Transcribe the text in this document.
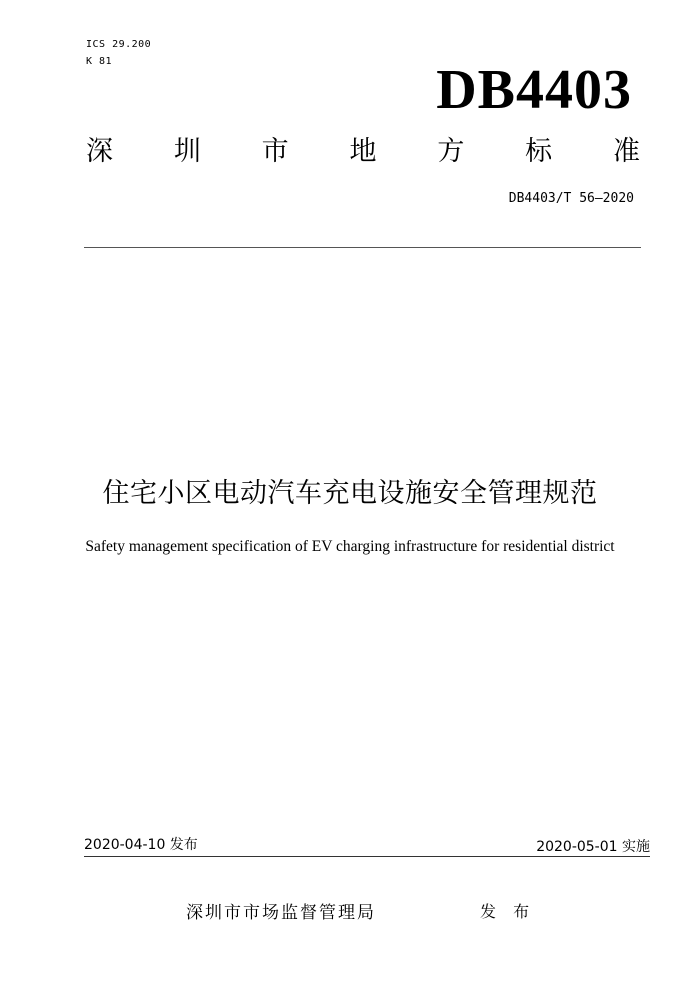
ICS 29.200
K 81	DB4403
深 圳 市 地 方 标 准
DB4403/T 56—2020
住宅小区电动汽车充电设施安全管理规范
Safety management specification of EV charging infrastructure for residential district
2020-04-10 发布	2020-05-01 实施
深圳市市场监督管理局	发 布
